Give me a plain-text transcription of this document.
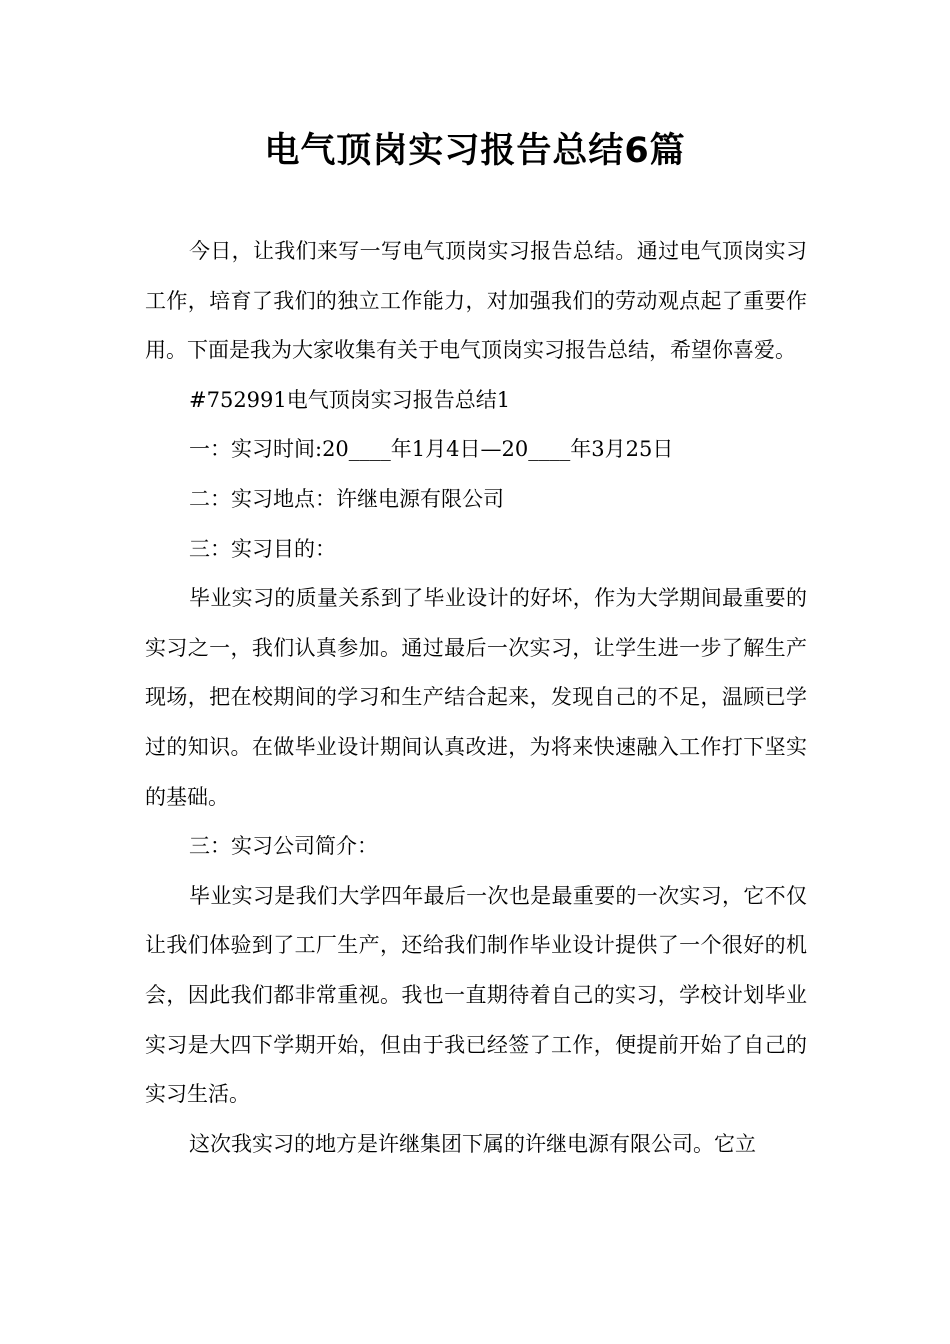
电气顶岗实习报告总结6篇

今日，让我们来写一写电气顶岗实习报告总结。通过电气顶岗实习工作，培育了我们的独立工作能力，对加强我们的劳动观点起了重要作用。下面是我为大家收集有关于电气顶岗实习报告总结，希望你喜爱。

#752991电气顶岗实习报告总结1

一：实习时间:20____年1月4日—20____年3月25日

二：实习地点：许继电源有限公司

三：实习目的：

毕业实习的质量关系到了毕业设计的好坏，作为大学期间最重要的实习之一，我们认真参加。通过最后一次实习，让学生进一步了解生产现场，把在校期间的学习和生产结合起来，发现自己的不足，温顾已学过的知识。在做毕业设计期间认真改进，为将来快速融入工作打下坚实的基础。

三：实习公司简介：

毕业实习是我们大学四年最后一次也是最重要的一次实习，它不仅让我们体验到了工厂生产，还给我们制作毕业设计提供了一个很好的机会，因此我们都非常重视。我也一直期待着自己的实习，学校计划毕业实习是大四下学期开始，但由于我已经签了工作，便提前开始了自己的实习生活。

这次我实习的地方是许继集团下属的许继电源有限公司。它立
